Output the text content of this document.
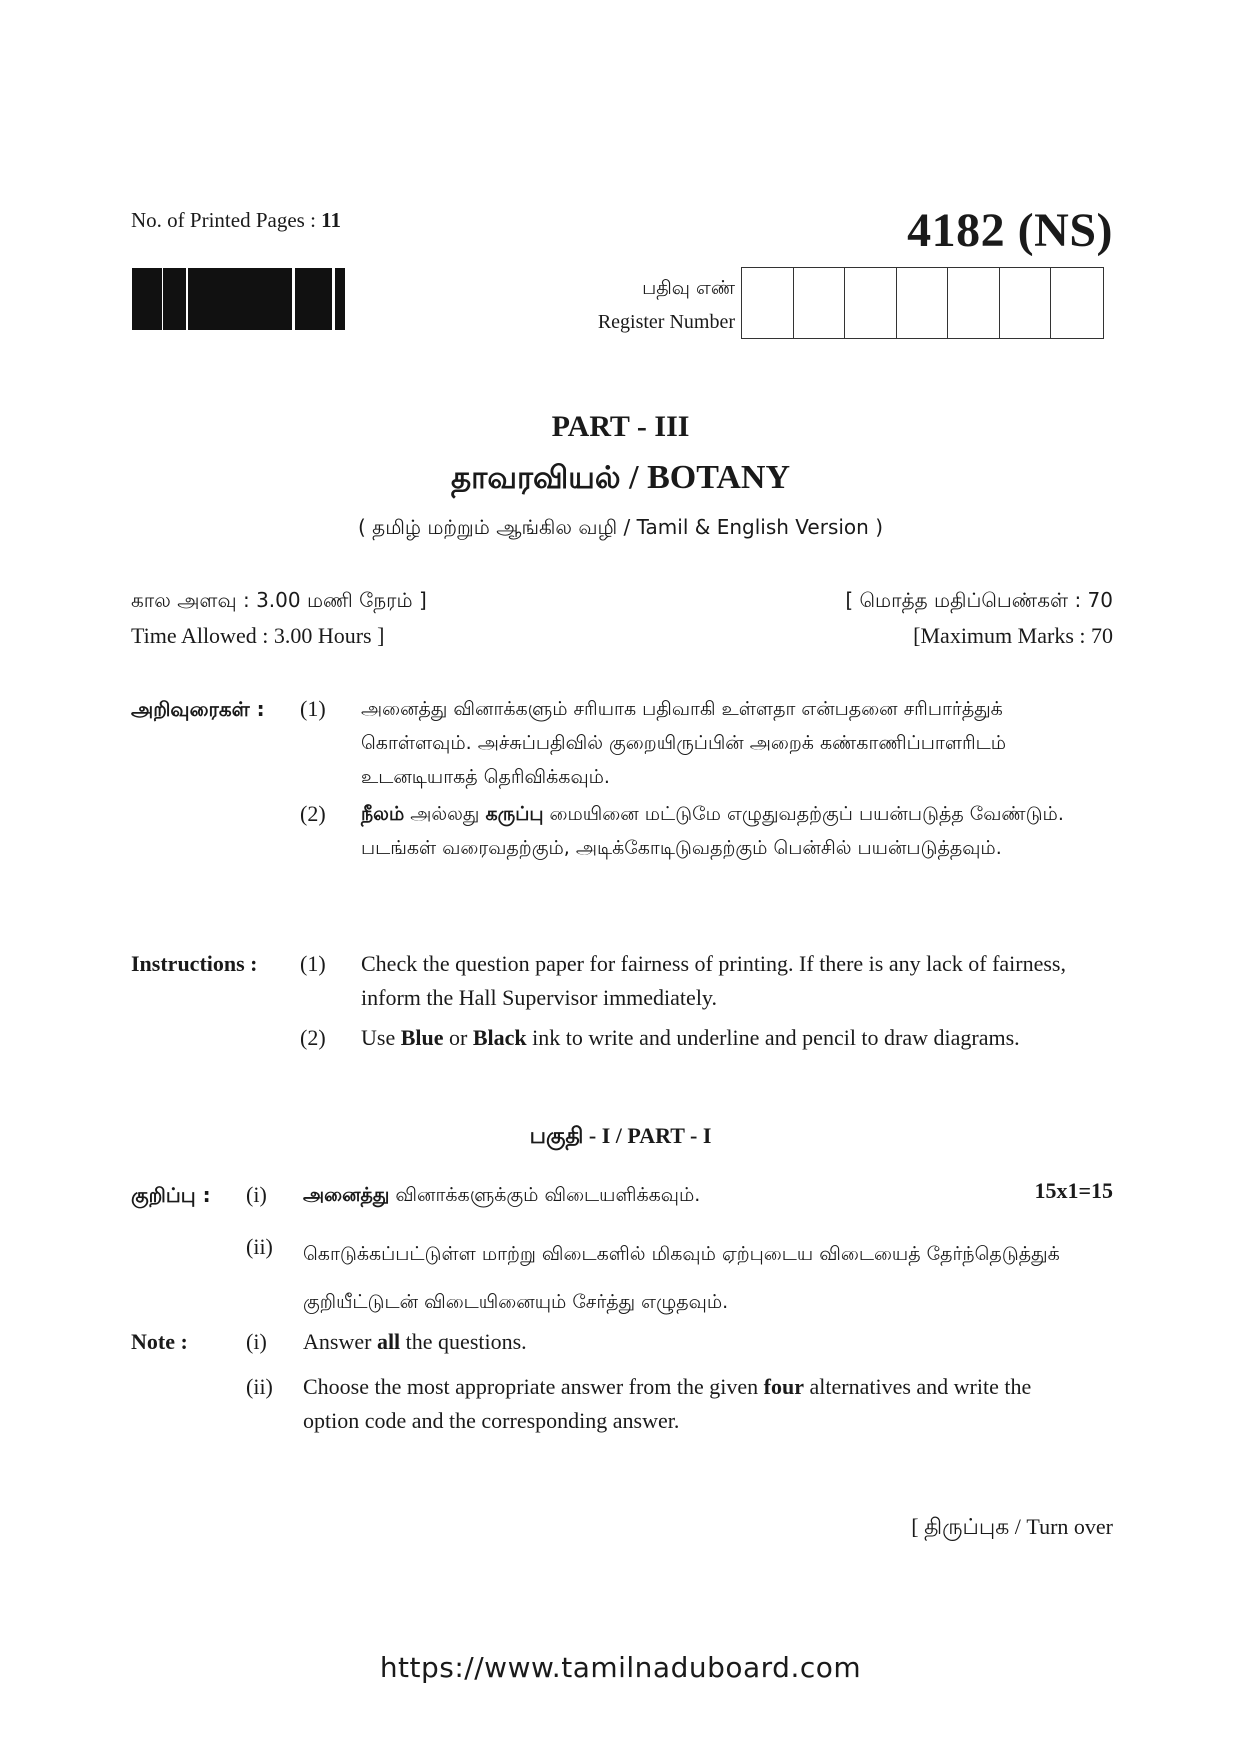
No. of Printed Pages : 11	4182 (NS)
பதிவு எண்
Register Number
PART - III
தாவரவியல் / BOTANY
( தமிழ் மற்றும் ஆங்கில வழி / Tamil & English Version )
கால அளவு : 3.00 மணி நேரம் ]
Time Allowed : 3.00 Hours ]
[ மொத்த மதிப்பெண்கள் : 70
[Maximum Marks : 70
அறிவுரைகள் : (1) அனைத்து வினாக்களும் சரியாக பதிவாகி உள்ளதா என்பதனை சரிபார்த்துக் கொள்ளவும். அச்சுப்பதிவில் குறையிருப்பின் அறைக் கண்காணிப்பாளரிடம் உடனடியாகத் தெரிவிக்கவும்.
(2) நீலம் அல்லது கருப்பு மையினை மட்டுமே எழுதுவதற்குப் பயன்படுத்த வேண்டும். படங்கள் வரைவதற்கும், அடிக்கோடிடுவதற்கும் பென்சில் பயன்படுத்தவும்.
Instructions : (1) Check the question paper for fairness of printing. If there is any lack of fairness, inform the Hall Supervisor immediately.
(2) Use Blue or Black ink to write and underline and pencil to draw diagrams.
பகுதி - I / PART - I
குறிப்பு : (i) அனைத்து வினாக்களுக்கும் விடையளிக்கவும்.	15x1=15
(ii) கொடுக்கப்பட்டுள்ள மாற்று விடைகளில் மிகவும் ஏற்புடைய விடையைத் தேர்ந்தெடுத்துக் குறியீட்டுடன் விடையினையும் சேர்த்து எழுதவும்.
Note :	(i) Answer all the questions.
(ii) Choose the most appropriate answer from the given four alternatives and write the option code and the corresponding answer.
[ திருப்புக / Turn over
https://www.tamilnaduboard.com
